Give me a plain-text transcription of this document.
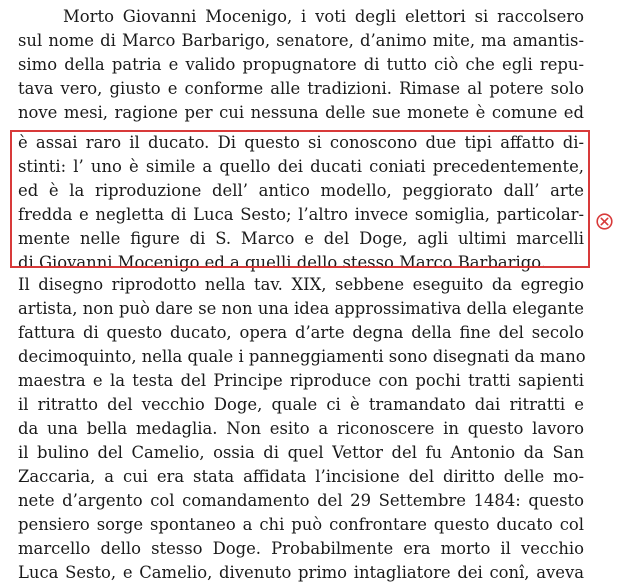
Morto Giovanni Mocenigo, i voti degli elettori si raccolsero
sul nome di Marco Barbarigo, senatore, d’animo mite, ma amantis-
simo della patria e valido propugnatore di tutto ciò che egli repu-
tava vero, giusto e conforme alle tradizioni. Rimase al potere solo
nove mesi, ragione per cui nessuna delle sue monete è comune ed
è assai raro il ducato. Di questo si conoscono due tipi affatto di-
stinti: l’ uno è simile a quello dei ducati coniati precedentemente,
ed è la riproduzione dell’ antico modello, peggiorato dall’ arte
fredda e negletta di Luca Sesto; l’altro invece somiglia, particolar-
mente nelle figure di S. Marco e del Doge, agli ultimi marcelli
di Giovanni Mocenigo ed a quelli dello stesso Marco Barbarigo.
Il disegno riprodotto nella tav. XIX, sebbene eseguito da egregio
artista, non può dare se non una idea approssimativa della elegante
fattura di questo ducato, opera d’arte degna della fine del secolo
decimoquinto, nella quale i panneggiamenti sono disegnati da mano
maestra e la testa del Principe riproduce con pochi tratti sapienti
il ritratto del vecchio Doge, quale ci è tramandato dai ritratti e
da una bella medaglia. Non esito a riconoscere in questo lavoro
il bulino del Camelio, ossia di quel Vettor del fu Antonio da San
Zaccaria, a cui era stata affidata l’incisione del diritto delle mo-
nete d’argento col comandamento del 29 Settembre 1484: questo
pensiero sorge spontaneo a chi può confrontare questo ducato col
marcello dello stesso Doge. Probabilmente era morto il vecchio
Luca Sesto, e Camelio, divenuto primo intagliatore dei conî, aveva
